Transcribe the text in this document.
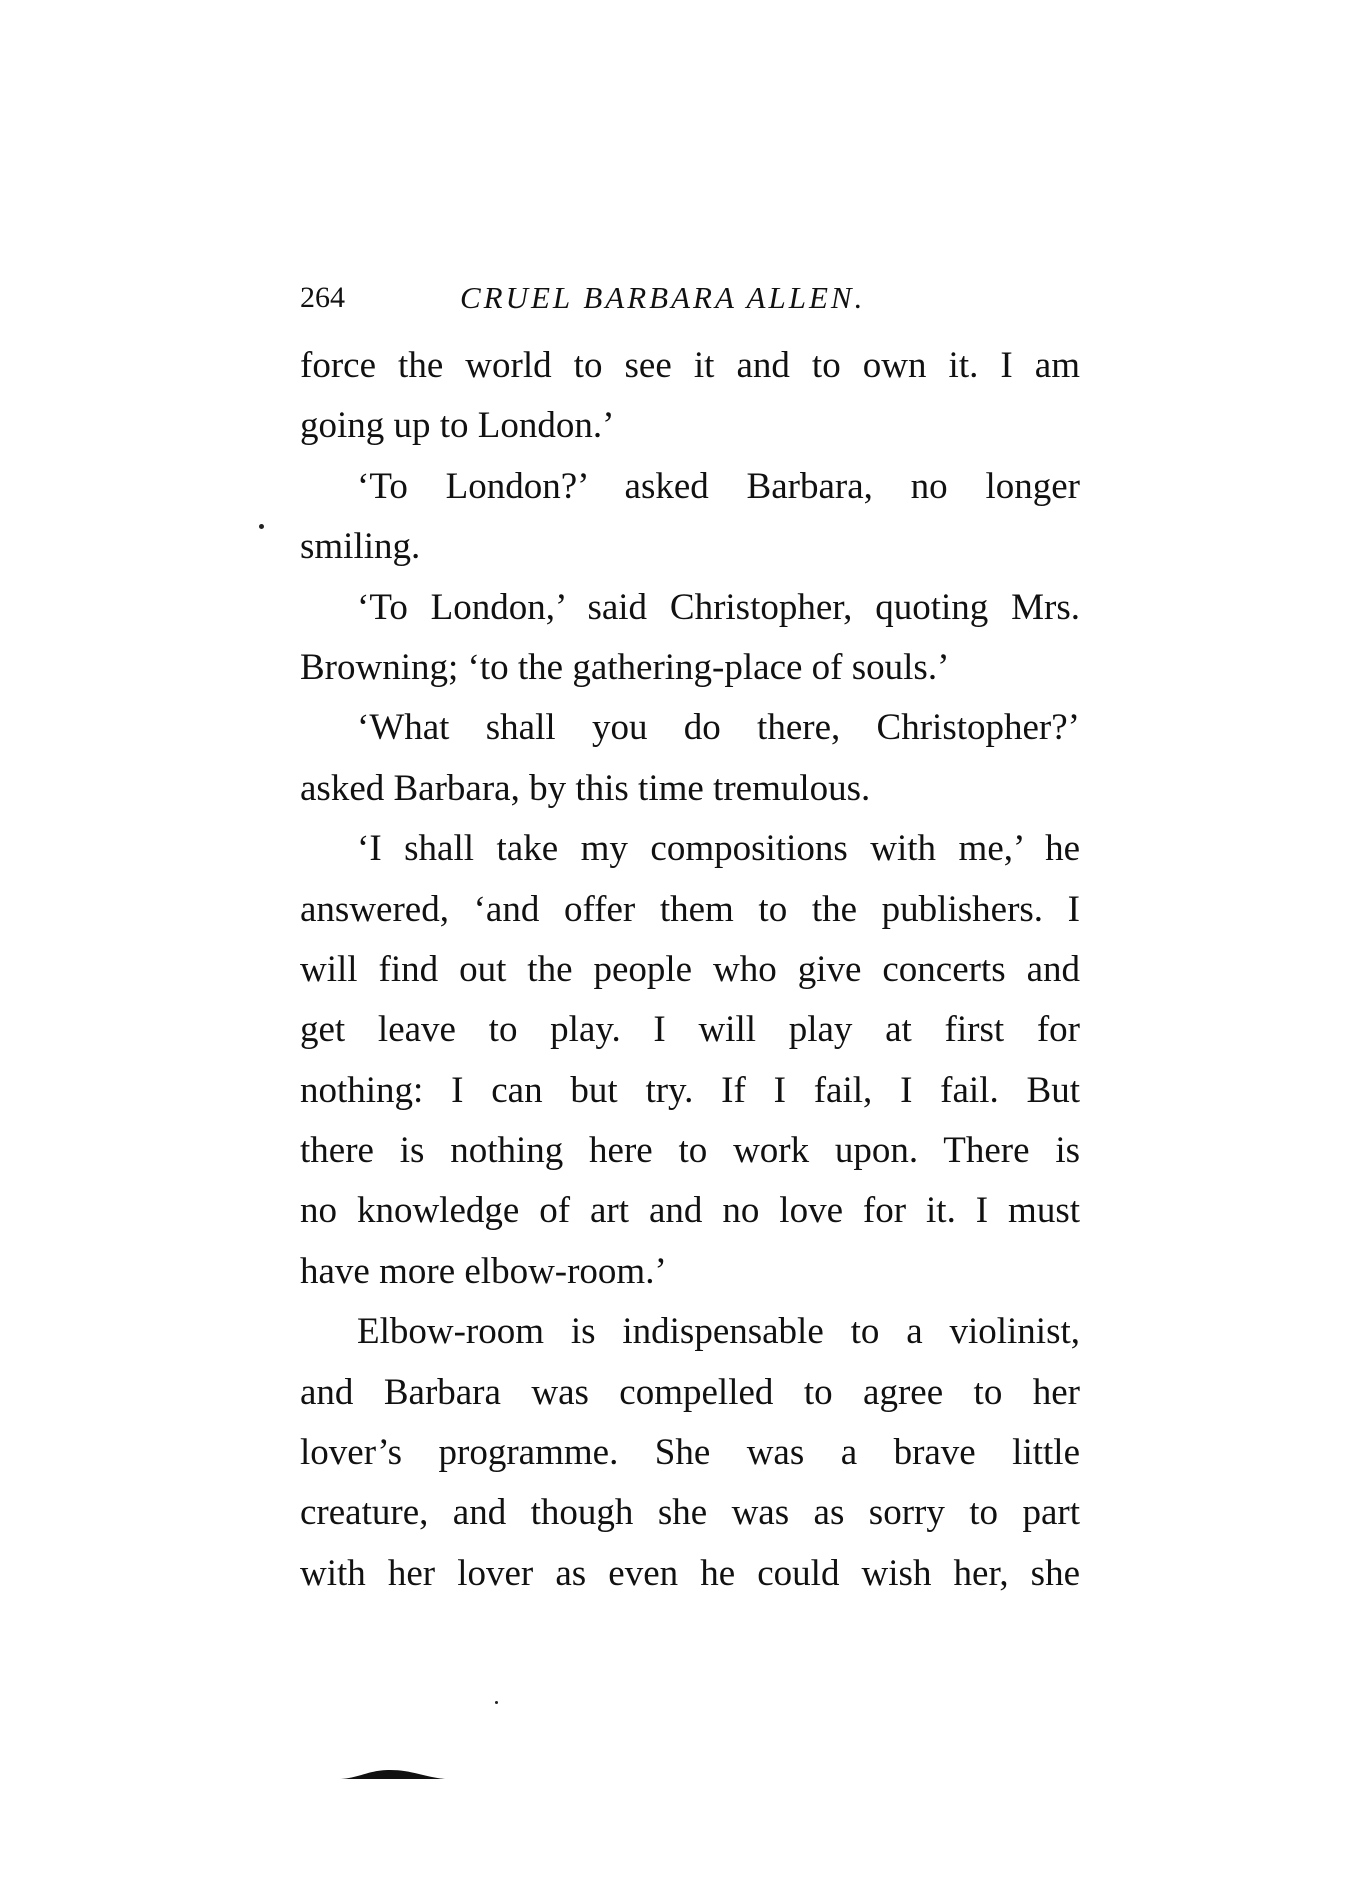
264	CRUEL BARBARA ALLEN.
force the world to see it and to own it. I am
going up to London.’
‘To London?’ asked Barbara, no longer
smiling.
‘To London,’ said Christopher, quoting Mrs.
Browning; ‘to the gathering-place of souls.’
‘What shall you do there, Christopher?’
asked Barbara, by this time tremulous.
‘I shall take my compositions with me,’ he
answered, ‘and offer them to the publishers. I
will find out the people who give concerts and
get leave to play. I will play at first for
nothing: I can but try. If I fail, I fail. But
there is nothing here to work upon. There is
no knowledge of art and no love for it. I must
have more elbow-room.’
Elbow-room is indispensable to a violinist,
and Barbara was compelled to agree to her
lover’s programme. She was a brave little
creature, and though she was as sorry to part
with her lover as even he could wish her, she
